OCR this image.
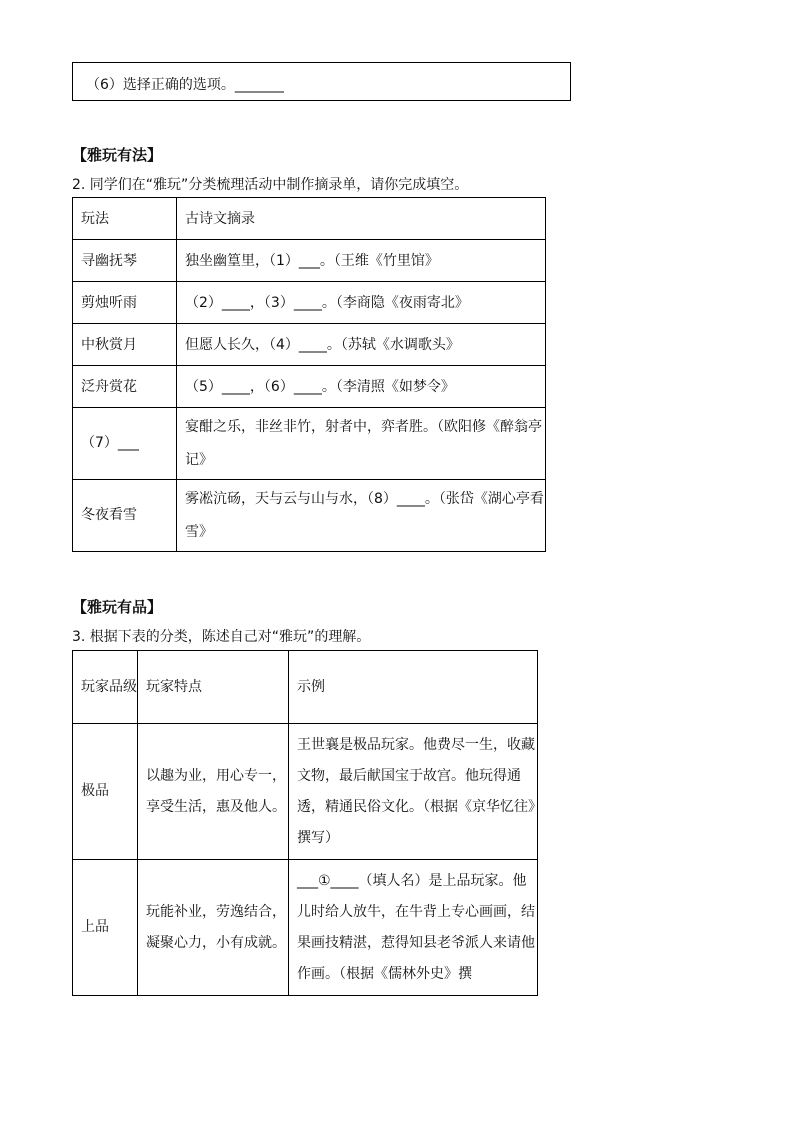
（6）选择正确的选项。_______
【雅玩有法】
2. 同学们在“雅玩”分类梳理活动中制作摘录单，请你完成填空。
玩法	古诗文摘录
寻幽抚琴	独坐幽篁里，（1）___。（王维《竹里馆》
剪烛听雨	（2）____，（3）____。（李商隐《夜雨寄北》
中秋赏月	但愿人长久，（4）____。（苏轼《水调歌头》
泛舟赏花	（5）____，（6）____。（李清照《如梦令》
（7）___	宴酣之乐，非丝非竹，射者中，弈者胜。（欧阳修《醉翁亭记》
冬夜看雪	雾凇沆砀，天与云与山与水，（8）____。（张岱《湖心亭看雪》
【雅玩有品】
3. 根据下表的分类，陈述自己对“雅玩”的理解。
玩家品级	玩家特点	示例
极品	以趣为业，用心专一，享受生活，惠及他人。	王世襄是极品玩家。他费尽一生，收藏文物，最后献国宝于故宫。他玩得通透，精通民俗文化。（根据《京华忆往》撰写）
上品	玩能补业，劳逸结合，凝聚心力，小有成就。	___①____（填人名）是上品玩家。他儿时给人放牛，在牛背上专心画画，结果画技精湛，惹得知县老爷派人来请他作画。（根据《儒林外史》撰
